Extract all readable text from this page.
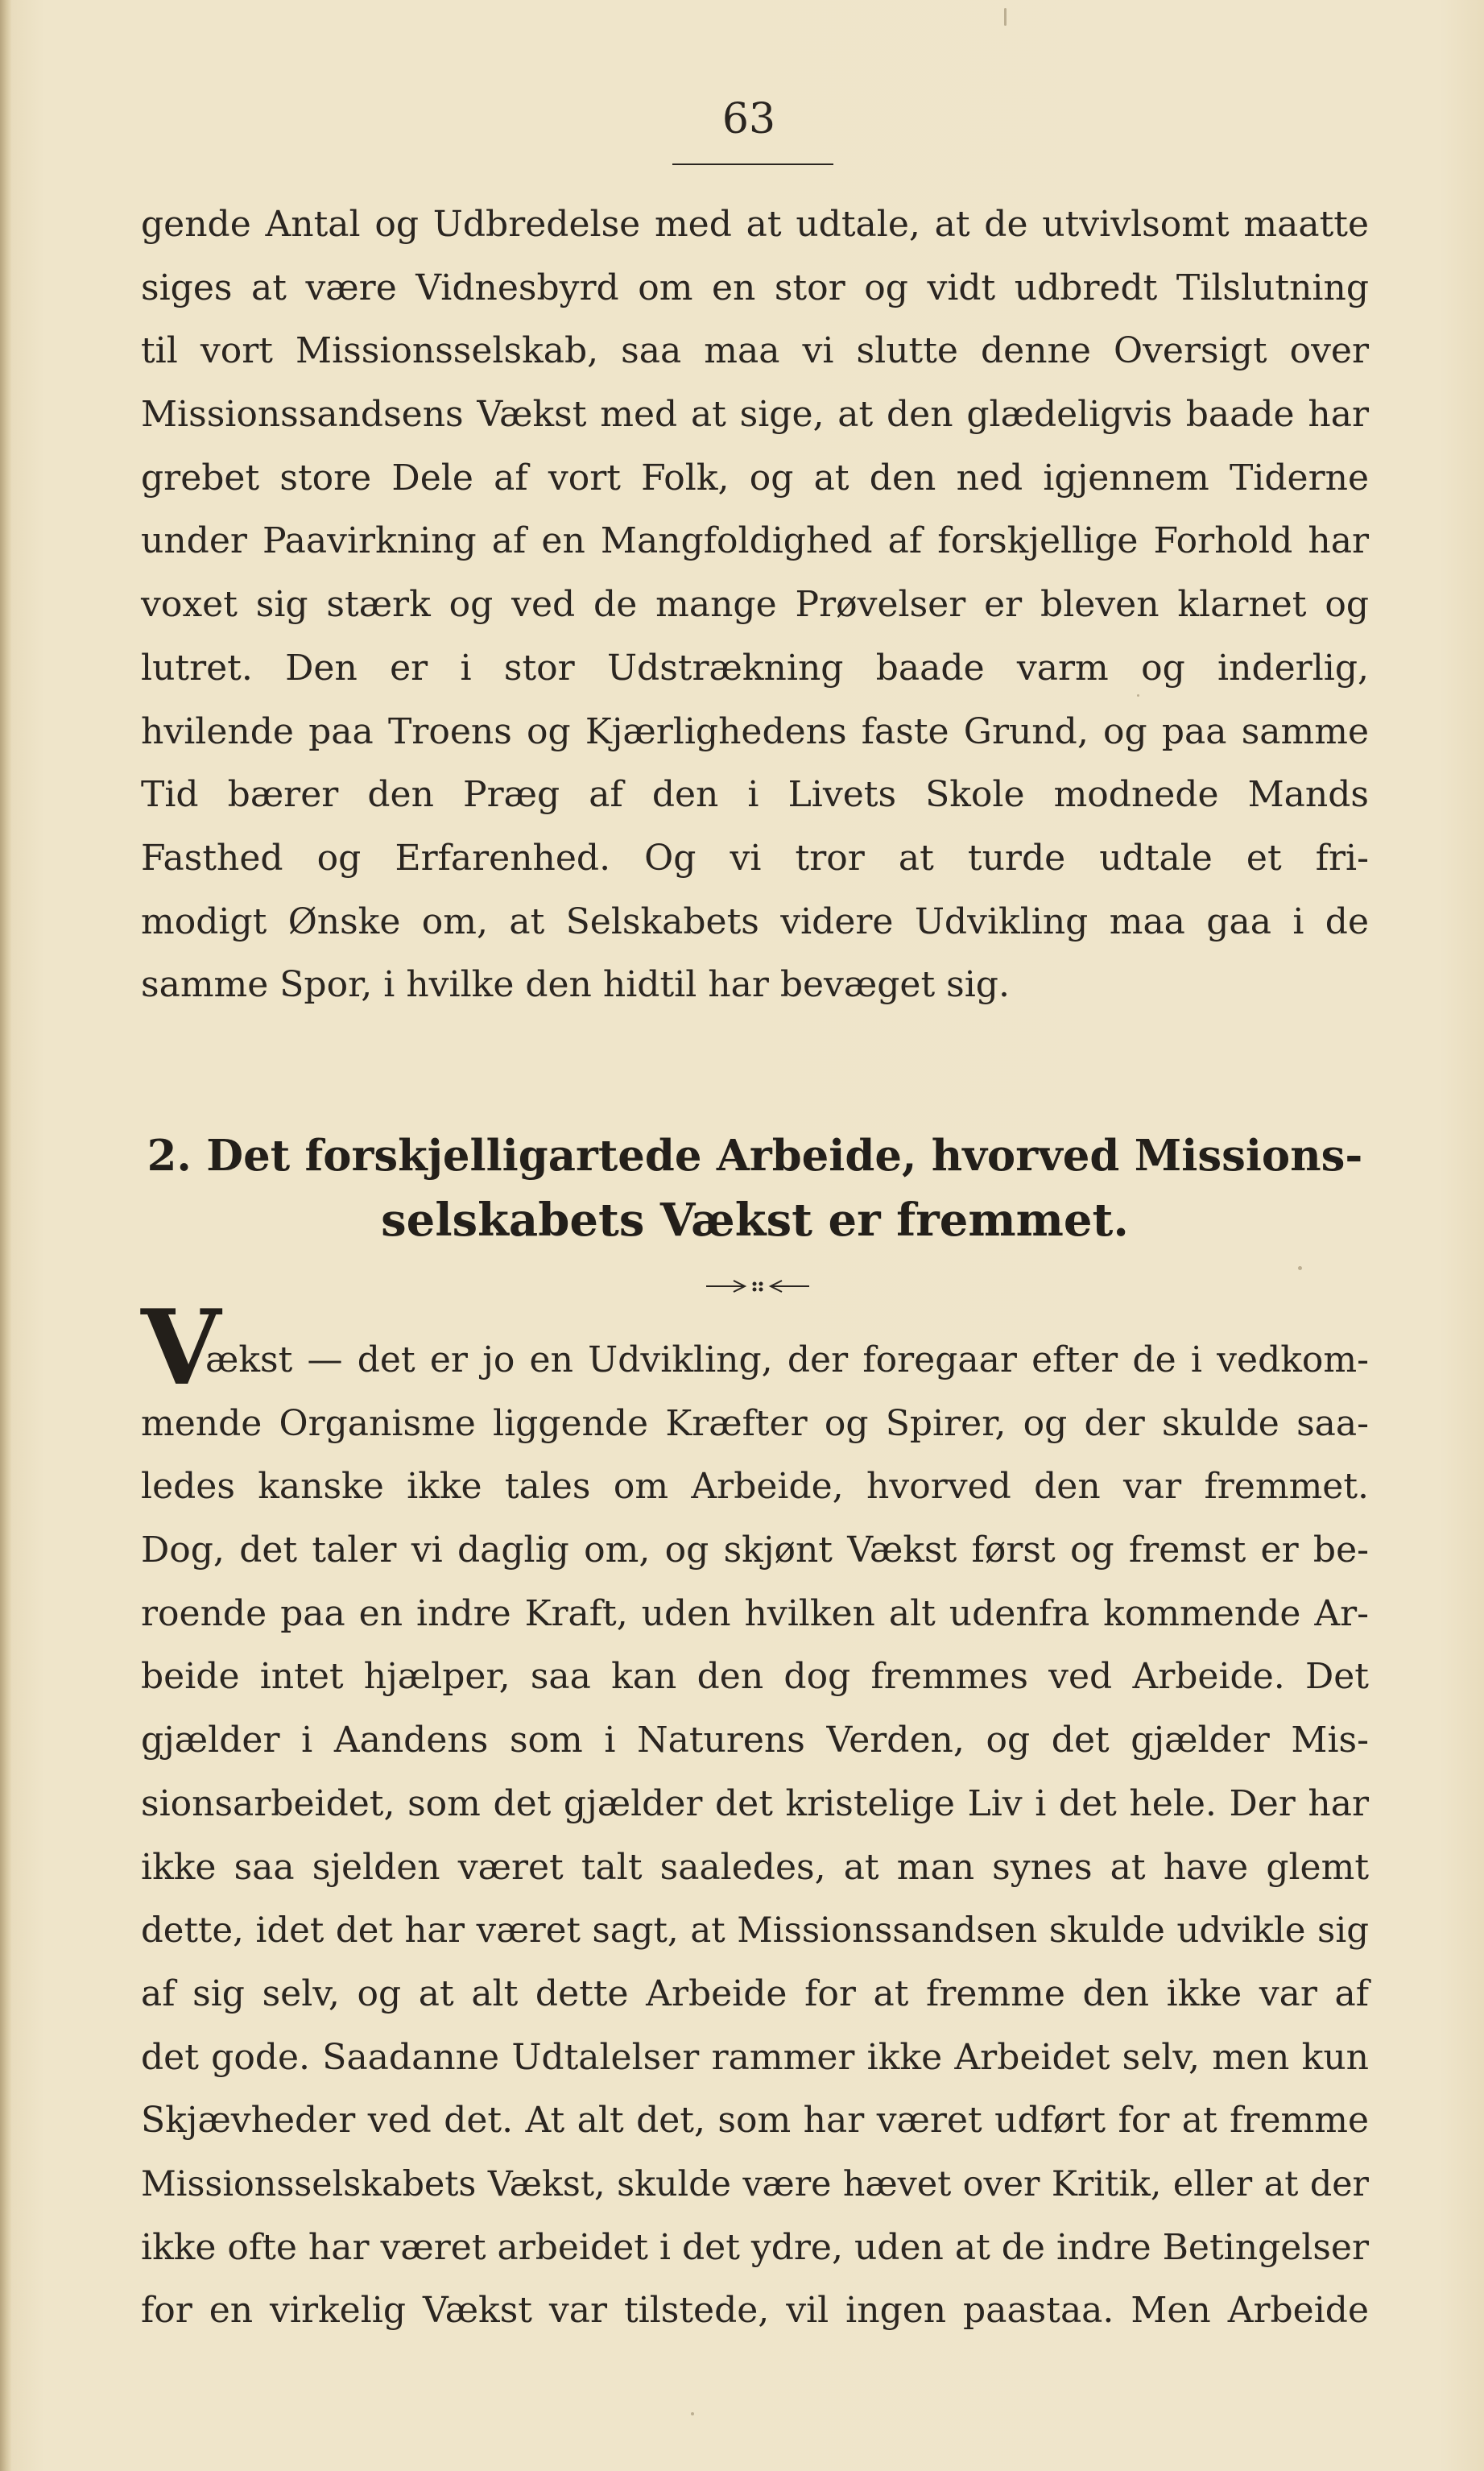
63
gende Antal og Udbredelse med at udtale, at de utvivlsomt maatte
siges at være Vidnesbyrd om en stor og vidt udbredt Tilslutning
til vort Missionsselskab, saa maa vi slutte denne Oversigt over
Missionssandsens Vækst med at sige, at den glædeligvis baade har
grebet store Dele af vort Folk, og at den ned igjennem Tiderne
under Paavirkning af en Mangfoldighed af forskjellige Forhold har
voxet sig stærk og ved de mange Prøvelser er bleven klarnet og
lutret. Den er i stor Udstrækning baade varm og inderlig,
hvilende paa Troens og Kjærlighedens faste Grund, og paa samme
Tid bærer den Præg af den i Livets Skole modnede Mands
Fasthed og Erfarenhed. Og vi tror at turde udtale et fri-
modigt Ønske om, at Selskabets videre Udvikling maa gaa i de
samme Spor, i hvilke den hidtil har bevæget sig.
2. Det forskjelligartede Arbeide, hvorved Missions-
selskabets Vækst er fremmet.
V
ækst — det er jo en Udvikling, der foregaar efter de i vedkom-
mende Organisme liggende Kræfter og Spirer, og der skulde saa-
ledes kanske ikke tales om Arbeide, hvorved den var fremmet.
Dog, det taler vi daglig om, og skjønt Vækst først og fremst er be-
roende paa en indre Kraft, uden hvilken alt udenfra kommende Ar-
beide intet hjælper, saa kan den dog fremmes ved Arbeide. Det
gjælder i Aandens som i Naturens Verden, og det gjælder Mis-
sionsarbeidet, som det gjælder det kristelige Liv i det hele. Der har
ikke saa sjelden været talt saaledes, at man synes at have glemt
dette, idet det har været sagt, at Missionssandsen skulde udvikle sig
af sig selv, og at alt dette Arbeide for at fremme den ikke var af
det gode. Saadanne Udtalelser rammer ikke Arbeidet selv, men kun
Skjævheder ved det. At alt det, som har været udført for at fremme
Missionsselskabets Vækst, skulde være hævet over Kritik, eller at der
ikke ofte har været arbeidet i det ydre, uden at de indre Betingelser
for en virkelig Vækst var tilstede, vil ingen paastaa. Men Arbeide
